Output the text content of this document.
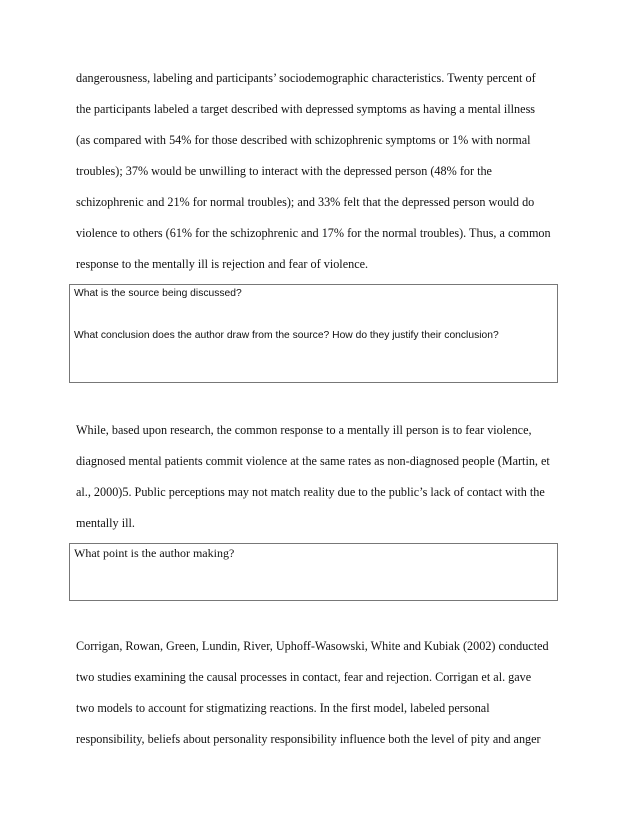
dangerousness, labeling and participants’ sociodemographic characteristics. Twenty percent of
the participants labeled a target described with depressed symptoms as having a mental illness
(as compared with 54% for those described with schizophrenic symptoms or 1% with normal
troubles); 37% would be unwilling to interact with the depressed person (48% for the
schizophrenic and 21% for normal troubles); and 33% felt that the depressed person would do
violence to others (61% for the schizophrenic and 17% for the normal troubles). Thus, a common
response to the mentally ill is rejection and fear of violence.
What is the source being discussed?
What conclusion does the author draw from the source? How do they justify their conclusion?
While, based upon research, the common response to a mentally ill person is to fear violence,
diagnosed mental patients commit violence at the same rates as non-diagnosed people (Martin, et
al., 2000)5. Public perceptions may not match reality due to the public’s lack of contact with the
mentally ill.
What point is the author making?
Corrigan, Rowan, Green, Lundin, River, Uphoff-Wasowski, White and Kubiak (2002) conducted
two studies examining the causal processes in contact, fear and rejection. Corrigan et al. gave
two models to account for stigmatizing reactions. In the first model, labeled personal
responsibility, beliefs about personality responsibility influence both the level of pity and anger
